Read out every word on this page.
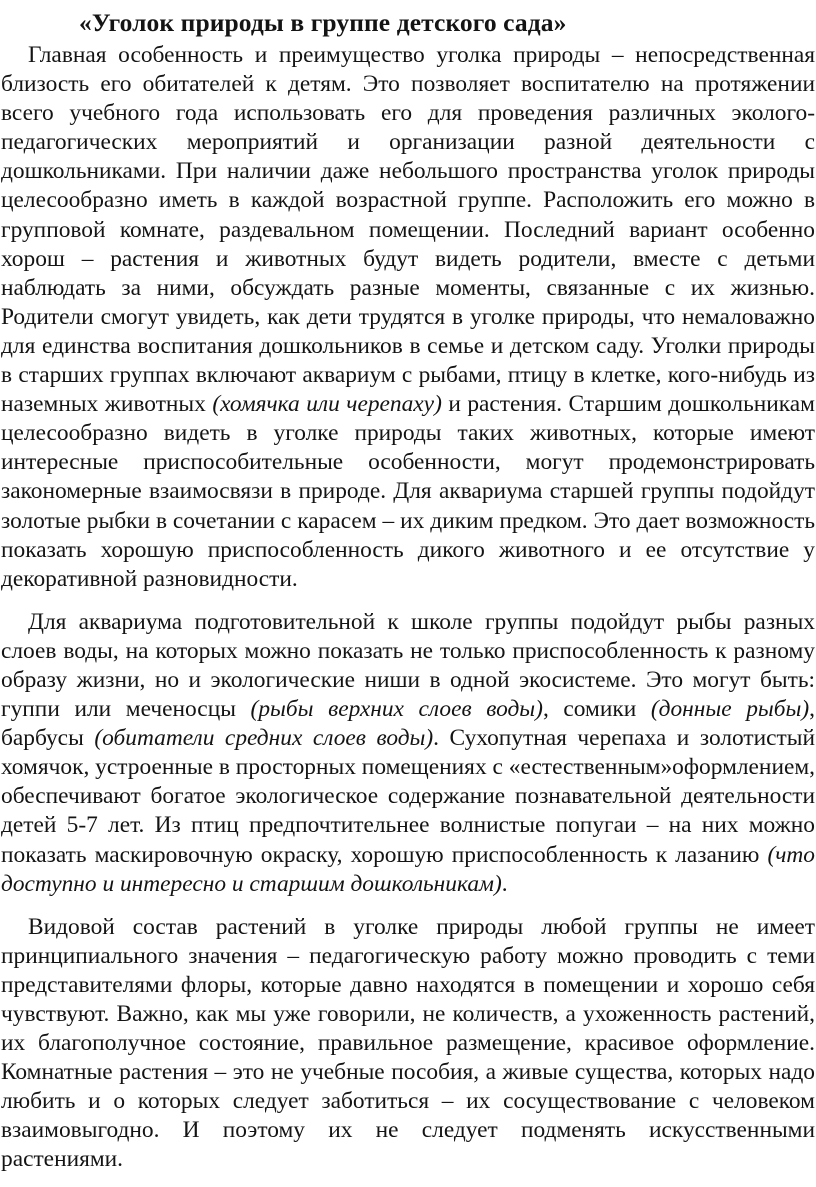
«Уголок природы в группе детского сада»

Главная особенность и преимущество уголка природы – непосредственная близость его обитателей к детям. Это позволяет воспитателю на протяжении всего учебного года использовать его для проведения различных эколого-педагогических мероприятий и организации разной деятельности с дошкольниками. При наличии даже небольшого пространства уголок природы целесообразно иметь в каждой возрастной группе. Расположить его можно в групповой комнате, раздевальном помещении. Последний вариант особенно хорош – растения и животных будут видеть родители, вместе с детьми наблюдать за ними, обсуждать разные моменты, связанные с их жизнью. Родители смогут увидеть, как дети трудятся в уголке природы, что немаловажно для единства воспитания дошкольников в семье и детском саду. Уголки природы в старших группах включают аквариум с рыбами, птицу в клетке, кого-нибудь из наземных животных (хомячка или черепаху) и растения. Старшим дошкольникам целесообразно видеть в уголке природы таких животных, которые имеют интересные приспособительные особенности, могут продемонстрировать закономерные взаимосвязи в природе. Для аквариума старшей группы подойдут золотые рыбки в сочетании с карасем – их диким предком. Это дает возможность показать хорошую приспособленность дикого животного и ее отсутствие у декоративной разновидности.

Для аквариума подготовительной к школе группы подойдут рыбы разных слоев воды, на которых можно показать не только приспособленность к разному образу жизни, но и экологические ниши в одной экосистеме. Это могут быть: гуппи или меченосцы (рыбы верхних слоев воды), сомики (донные рыбы), барбусы (обитатели средних слоев воды). Сухопутная черепаха и золотистый хомячок, устроенные в просторных помещениях с «естественным»оформлением, обеспечивают богатое экологическое содержание познавательной деятельности детей 5-7 лет. Из птиц предпочтительнее волнистые попугаи – на них можно показать маскировочную окраску, хорошую приспособленность к лазанию (что доступно и интересно и старшим дошкольникам).

Видовой состав растений в уголке природы любой группы не имеет принципиального значения – педагогическую работу можно проводить с теми представителями флоры, которые давно находятся в помещении и хорошо себя чувствуют. Важно, как мы уже говорили, не количеств, а ухоженность растений, их благополучное состояние, правильное размещение, красивое оформление. Комнатные растения – это не учебные пособия, а живые существа, которых надо любить и о которых следует заботиться – их сосуществование с человеком взаимовыгодно. И поэтому их не следует подменять искусственными растениями.
